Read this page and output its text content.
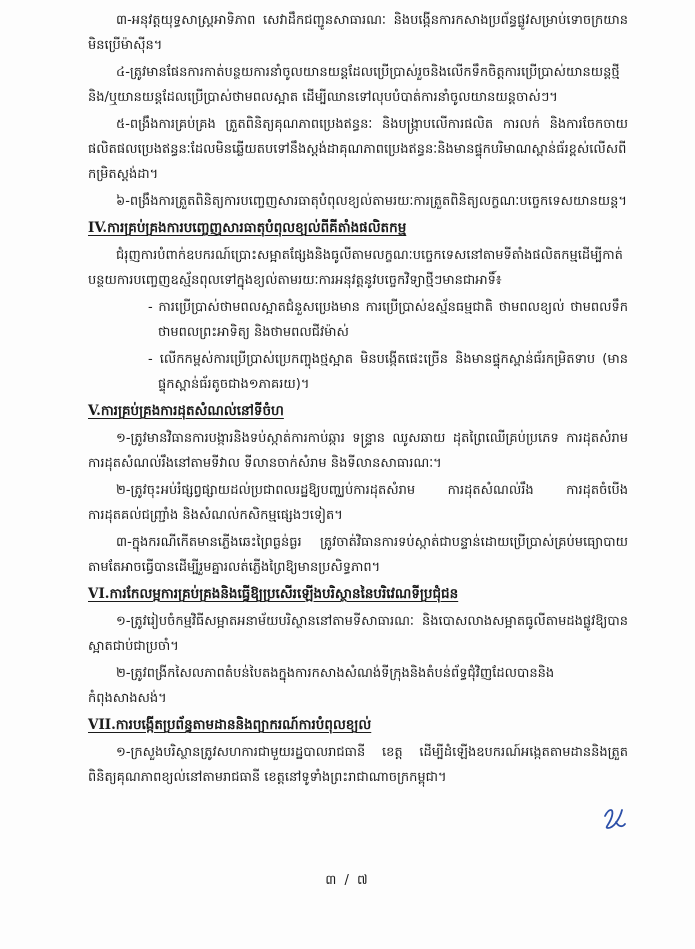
៣-អនុវត្តយុទ្ធសាស្ត្រអាទិភាព សេវាដឹកជញ្ជូនសាធារណៈ និងបង្កើនការកសាងប្រព័ន្ធផ្លូវសម្រាប់ទោចក្រយានមិនប្រើម៉ាស៊ីន។

៤-ត្រូវមានផែនការកាត់បន្ថយការនាំចូលយានយន្តដែលប្រើប្រាស់រួចនិងលើកទឹកចិត្តការប្រើប្រាស់យានយន្តថ្មីនិង/ឬយានយន្តដែលប្រើប្រាស់ថាមពលស្អាត ដើម្បីឈានទៅលុបបំបាត់ការនាំចូលយានយន្តចាស់ៗ។

៥-ពង្រឹងការគ្រប់គ្រង ត្រួតពិនិត្យគុណភាពប្រេងឥន្ធនៈ និងបង្ក្រាបលើការផលិត ការលក់ និងការចែកចាយផលិតផលប្រេងឥន្ធនៈដែលមិនឆ្លើយតបទៅនឹងស្តង់ដាគុណភាពប្រេងឥន្ធនៈនិងមានផ្ទុកបរិមាណស្ពាន់ធ័រខ្ពស់លើសពីកម្រិតស្តង់ដា។

៦-ពង្រឹងការត្រួតពិនិត្យការបញ្ចេញសារធាតុបំពុលខ្យល់តាមរយៈការត្រួតពិនិត្យលក្ខណៈបច្ចេកទេសយានយន្ត។

IV.ការគ្រប់គ្រងការបញ្ចេញសារធាតុបំពុលខ្យល់ពីគីតាំងផលិតកម្ម

ជំរុញការបំពាក់ឧបករណ៍ប្រោះសម្អាតផ្សែងនិងធូលីតាមលក្ខណៈបច្ចេកទេសនៅតាមទីតាំងផលិតកម្មដើម្បីកាត់បន្ថយការបញ្ចេញឧស្ម័នពុលទៅក្នុងខ្យល់តាមរយៈការអនុវត្តនូវបច្ចេកវិទ្យាថ្មីៗមានជាអាទិ៍៖

- ការប្រើប្រាស់ថាមពលស្អាតជំនួសប្រេងមាន ការប្រើប្រាស់ឧស្ម័នធម្មជាតិ ថាមពលខ្យល់ ថាមពលទឹក ថាមពលព្រះអាទិត្យ និងថាមពលជីវម៉ាស់

- លើកកម្ពស់ការប្រើប្រាស់ប្រេកញ្ចុងថ្មស្អាត មិនបង្កើតផេះច្រើន និងមានផ្ទុកស្ពាន់ធ័រកម្រិតទាប (មានផ្ទុកស្ពាន់ធ័រតូចជាង១ភាគរយ)។

V.ការគ្រប់គ្រងការដុតសំណល់នៅទីចំហ

១-ត្រូវមានវិធានការបង្ការនិងទប់ស្កាត់ការកាប់ឆ្ការ ទន្ទ្រាន ឈូសឆាយ ដុតព្រៃឈើគ្រប់ប្រភេទ ការដុតសំរាម ការដុតសំណល់រឹងនៅតាមទីវាល ទីលានចាក់សំរាម និងទីលានសាធារណៈ។

២-ត្រូវចុះអប់រំផ្សព្វផ្សាយដល់ប្រជាពលរដ្ឋឱ្យបញ្ឈប់ការដុតសំរាម ការដុតសំណល់រឹង ការដុតចំបើង ការដុតគល់ជញ្ជ្រាំង និងសំណល់កសិកម្មផ្សេងៗទៀត។

៣-ក្នុងករណីកើតមានភ្លើងឆេះព្រៃធ្ងន់ធ្ងរ ត្រូវចាត់វិធានការទប់ស្កាត់ជាបន្ទាន់ដោយប្រើប្រាស់គ្រប់មធ្យោបាយតាមតែអាចធ្វើបានដើម្បីរួមគ្នារលត់ភ្លើងព្រៃឱ្យមានប្រសិទ្ធភាព។

VI.ការកែលម្អការគ្រប់គ្រងនិងធ្វើឱ្យប្រសើរឡើងបរិស្ថាននៃបរិវេណទីប្រជុំជន

១-ត្រូវរៀបចំកម្មវិធីសម្អាតអនាម័យបរិស្ថាននៅតាមទីសាធារណៈ និងបោសលាងសម្អាតធូលីតាមដងផ្លូវឱ្យបានស្អាតជាប់ជាប្រចាំ។

២-ត្រូវពង្រីកសៃលភាពតំបន់បៃតងក្នុងការកសាងសំណង់ទីក្រុងនិងតំបន់ព័ទ្ធជុំវិញដែលបាននិងកំពុងសាងសង់។

VII.ការបង្កើតប្រព័ន្ធតាមដាននិងព្យាករណ៍ការបំពុលខ្យល់

១-ក្រសួងបរិស្ថានត្រូវសហការជាមួយរដ្ឋបាលរាជធានី ខេត្ត ដើម្បីដំឡើងឧបករណ៍អង្កេតតាមដាននិងត្រួតពិនិត្យគុណភាពខ្យល់នៅតាមរាជធានី ខេត្តនៅទូទាំងព្រះរាជាណាចក្រកម្ពុជា។

៣ / ៧
